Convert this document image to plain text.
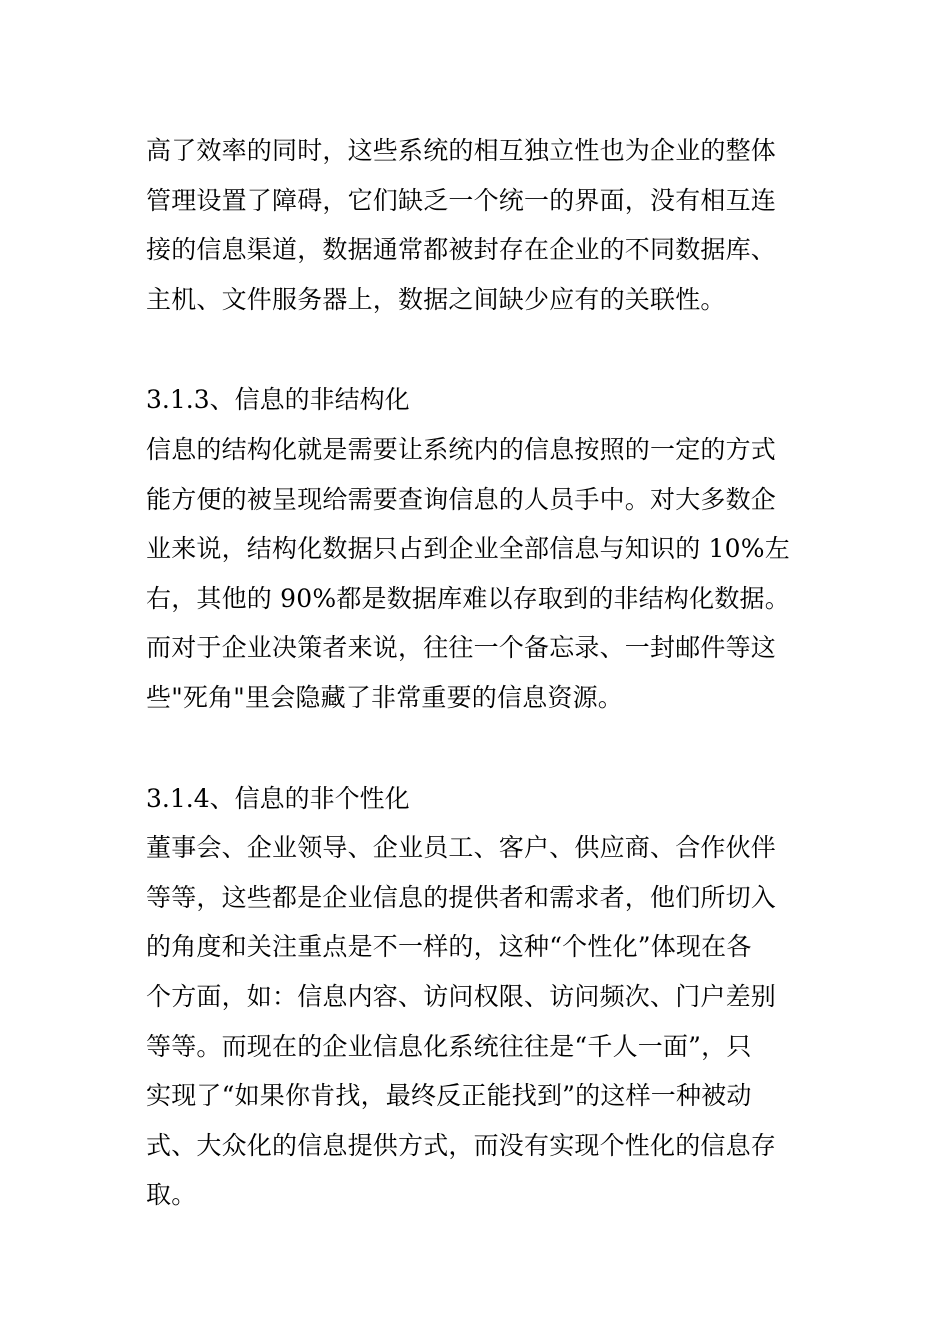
高了效率的同时，这些系统的相互独立性也为企业的整体
管理设置了障碍，它们缺乏一个统一的界面，没有相互连
接的信息渠道，数据通常都被封存在企业的不同数据库、
主机、文件服务器上，数据之间缺少应有的关联性。

3.1.3、信息的非结构化

信息的结构化就是需要让系统内的信息按照的一定的方式
能方便的被呈现给需要查询信息的人员手中。对大多数企
业来说，结构化数据只占到企业全部信息与知识的 10%左
右，其他的 90%都是数据库难以存取到的非结构化数据。
而对于企业决策者来说，往往一个备忘录、一封邮件等这
些"死角"里会隐藏了非常重要的信息资源。

3.1.4、信息的非个性化

董事会、企业领导、企业员工、客户、供应商、合作伙伴
等等，这些都是企业信息的提供者和需求者，他们所切入
的角度和关注重点是不一样的，这种“个性化”体现在各
个方面，如：信息内容、访问权限、访问频次、门户差别
等等。而现在的企业信息化系统往往是“千人一面”，只
实现了“如果你肯找，最终反正能找到”的这样一种被动
式、大众化的信息提供方式，而没有实现个性化的信息存
取。
